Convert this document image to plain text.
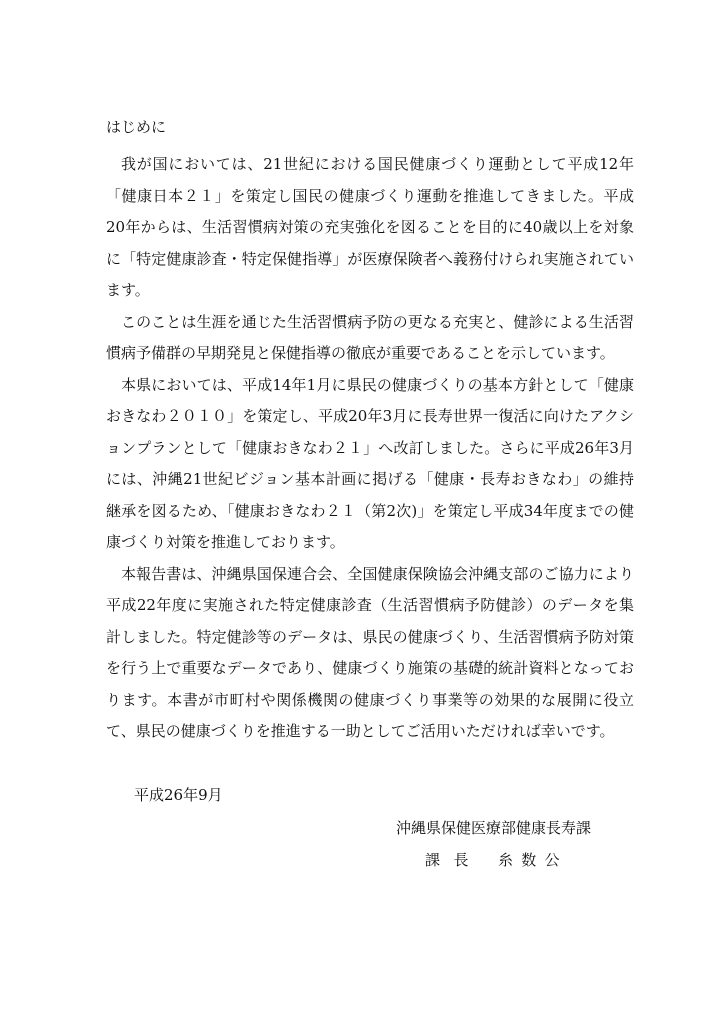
はじめに

我が国においては、21世紀における国民健康づくり運動として平成12年「健康日本２１」を策定し国民の健康づくり運動を推進してきました。平成20年からは、生活習慣病対策の充実強化を図ることを目的に40歳以上を対象に「特定健康診査・特定保健指導」が医療保険者へ義務付けられ実施されています。

このことは生涯を通じた生活習慣病予防の更なる充実と、健診による生活習慣病予備群の早期発見と保健指導の徹底が重要であることを示しています。

本県においては、平成14年1月に県民の健康づくりの基本方針として「健康おきなわ２０１０」を策定し、平成20年3月に長寿世界一復活に向けたアクションプランとして「健康おきなわ２１」へ改訂しました。さらに平成26年3月には、沖縄21世紀ビジョン基本計画に掲げる「健康・長寿おきなわ」の維持継承を図るため、「健康おきなわ２１（第2次)」を策定し平成34年度までの健康づくり対策を推進しております。

本報告書は、沖縄県国保連合会、全国健康保険協会沖縄支部のご協力により平成22年度に実施された特定健康診査（生活習慣病予防健診）のデータを集計しました。特定健診等のデータは、県民の健康づくり、生活習慣病予防対策を行う上で重要なデータであり、健康づくり施策の基礎的統計資料となっております。本書が市町村や関係機関の健康づくり事業等の効果的な展開に役立て、県民の健康づくりを推進する一助としてご活用いただければ幸いです。

平成26年9月
沖縄県保健医療部健康長寿課
課長 糸数公
